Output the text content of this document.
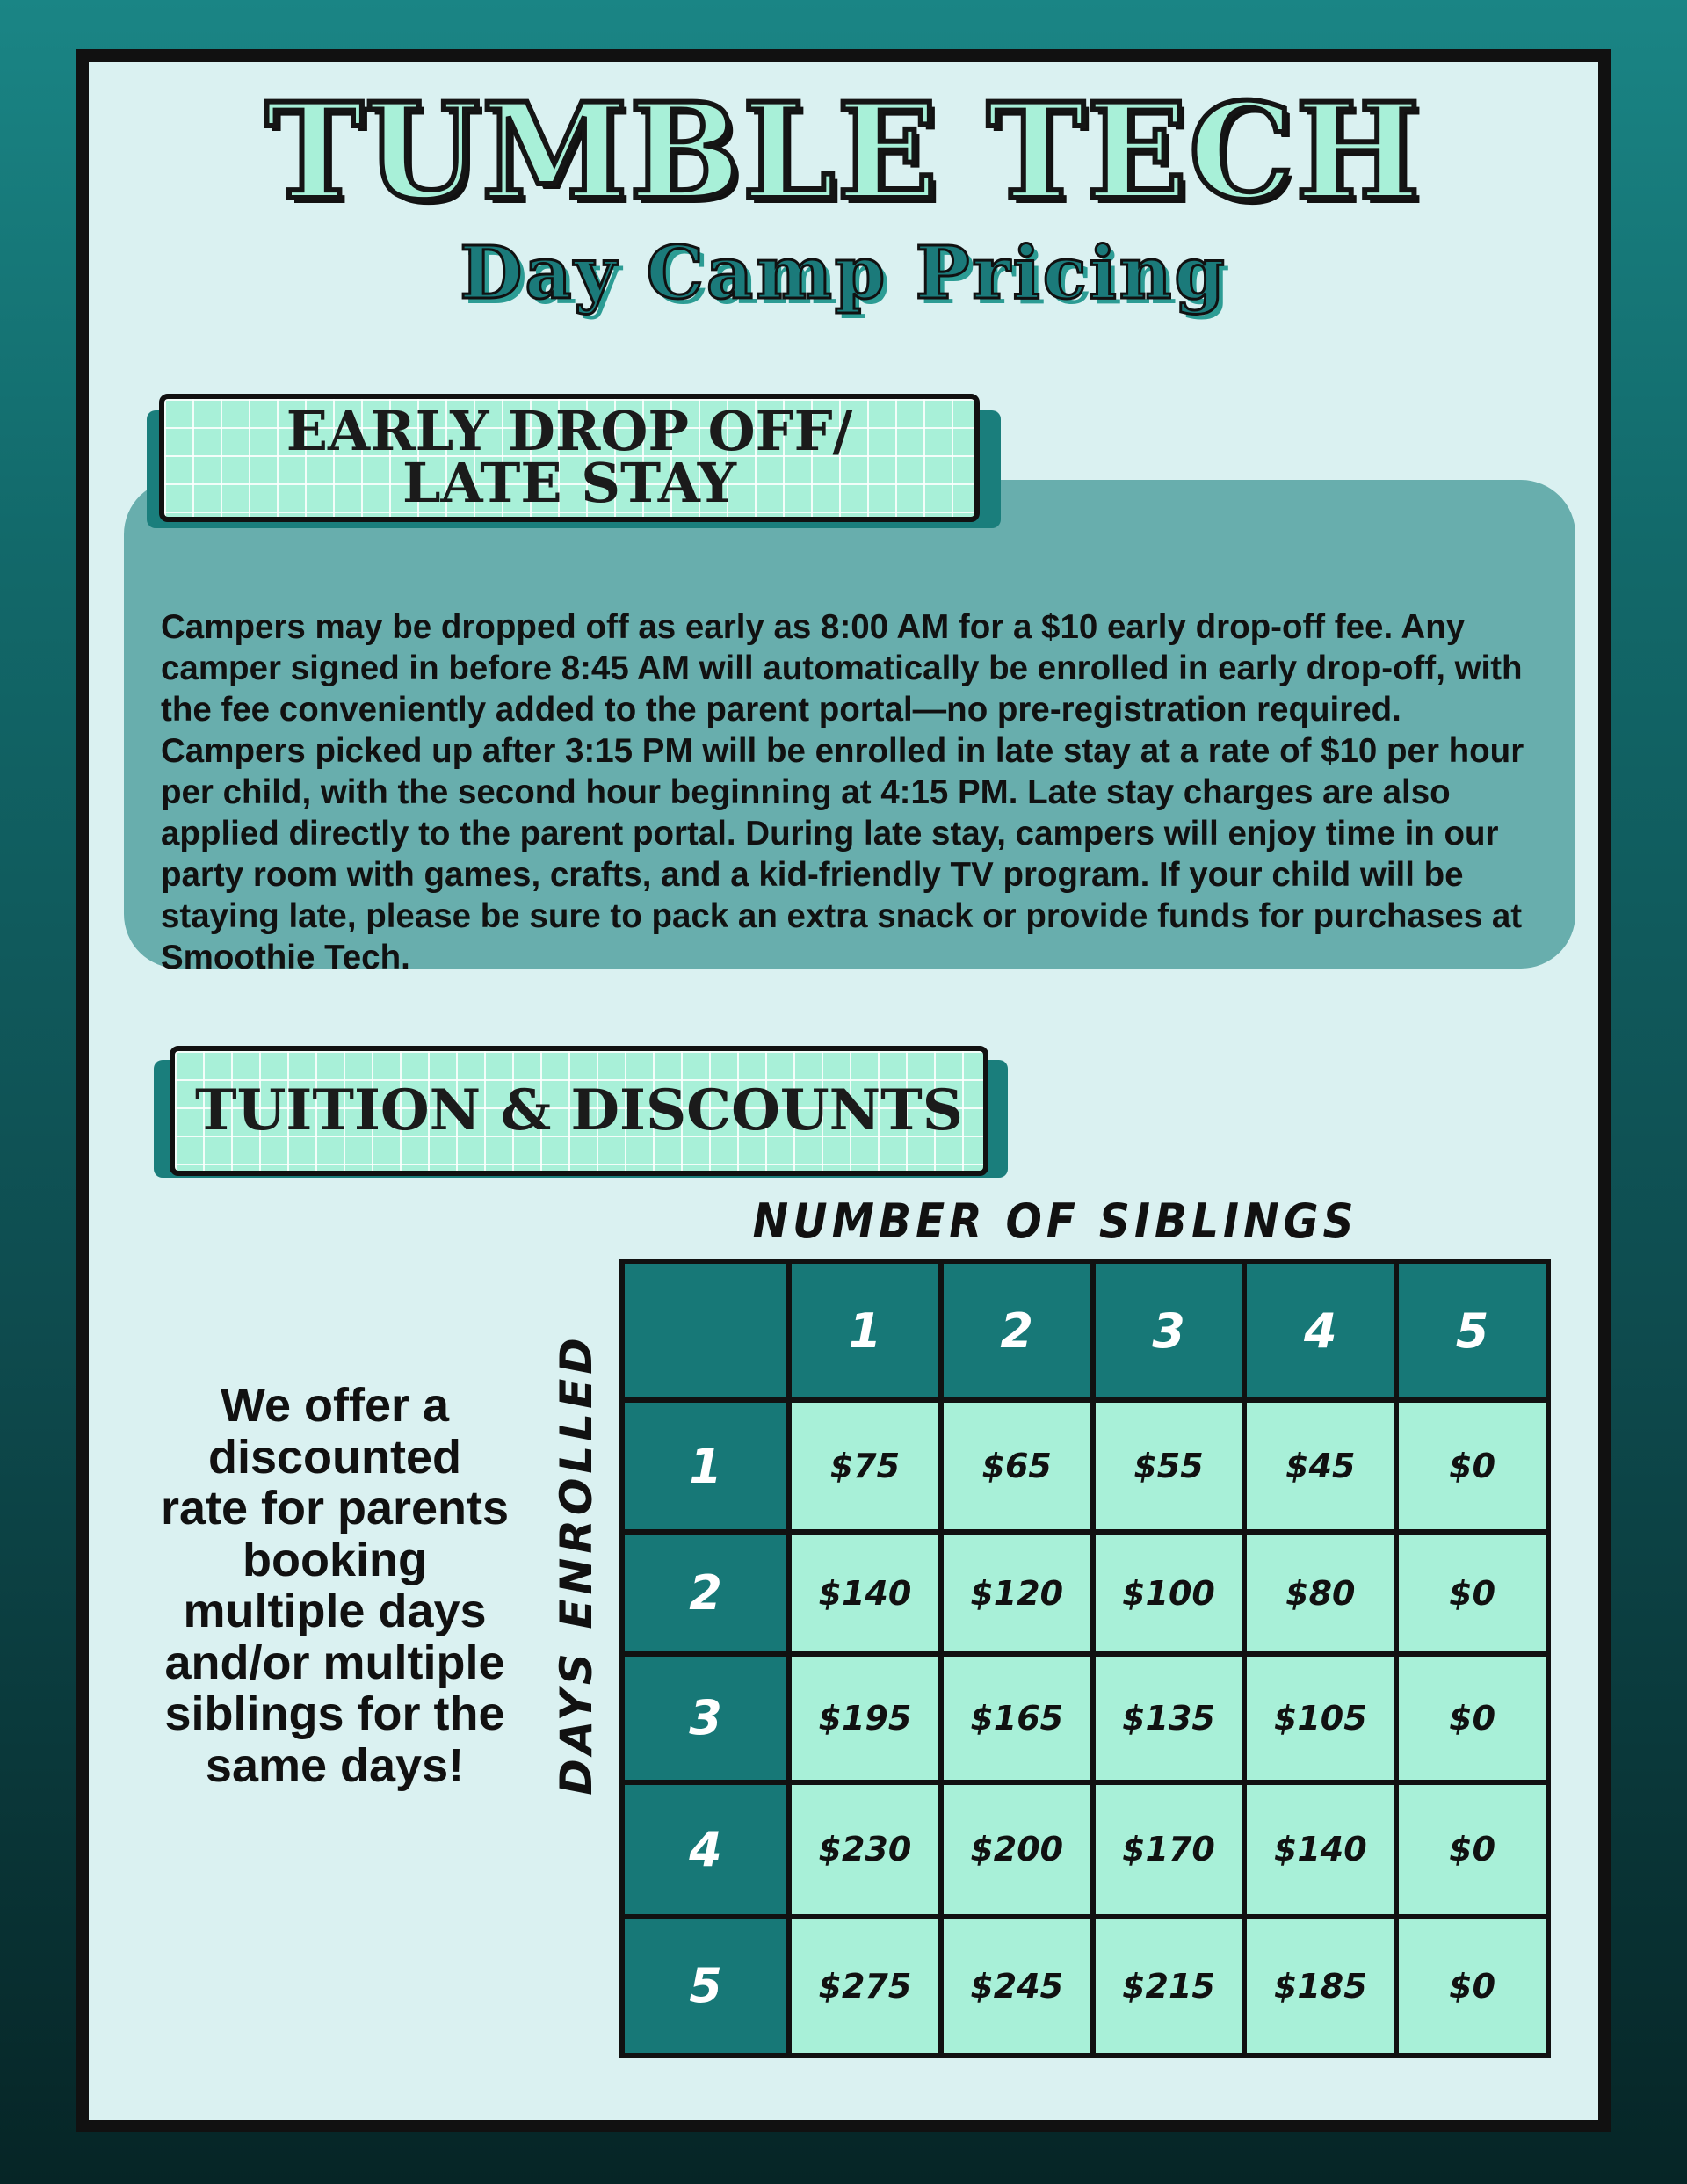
TUMBLE TECH
Day Camp Pricing
EARLY DROP OFF/
LATE STAY
Campers may be dropped off as early as 8:00 AM for a $10 early drop-off fee. Any camper signed in before 8:45 AM will automatically be enrolled in early drop-off, with the fee conveniently added to the parent portal—no pre-registration required. Campers picked up after 3:15 PM will be enrolled in late stay at a rate of $10 per hour per child, with the second hour beginning at 4:15 PM. Late stay charges are also applied directly to the parent portal. During late stay, campers will enjoy time in our party room with games, crafts, and a kid-friendly TV program. If your child will be staying late, please be sure to pack an extra snack or provide funds for purchases at Smoothie Tech.
TUITION & DISCOUNTS
We offer a discounted rate for parents booking multiple days and/or multiple siblings for the same days!
NUMBER OF SIBLINGS
DAYS ENROLLED
	1	2	3	4	5
1	$75	$65	$55	$45	$0
2	$140	$120	$100	$80	$0
3	$195	$165	$135	$105	$0
4	$230	$200	$170	$140	$0
5	$275	$245	$215	$185	$0
